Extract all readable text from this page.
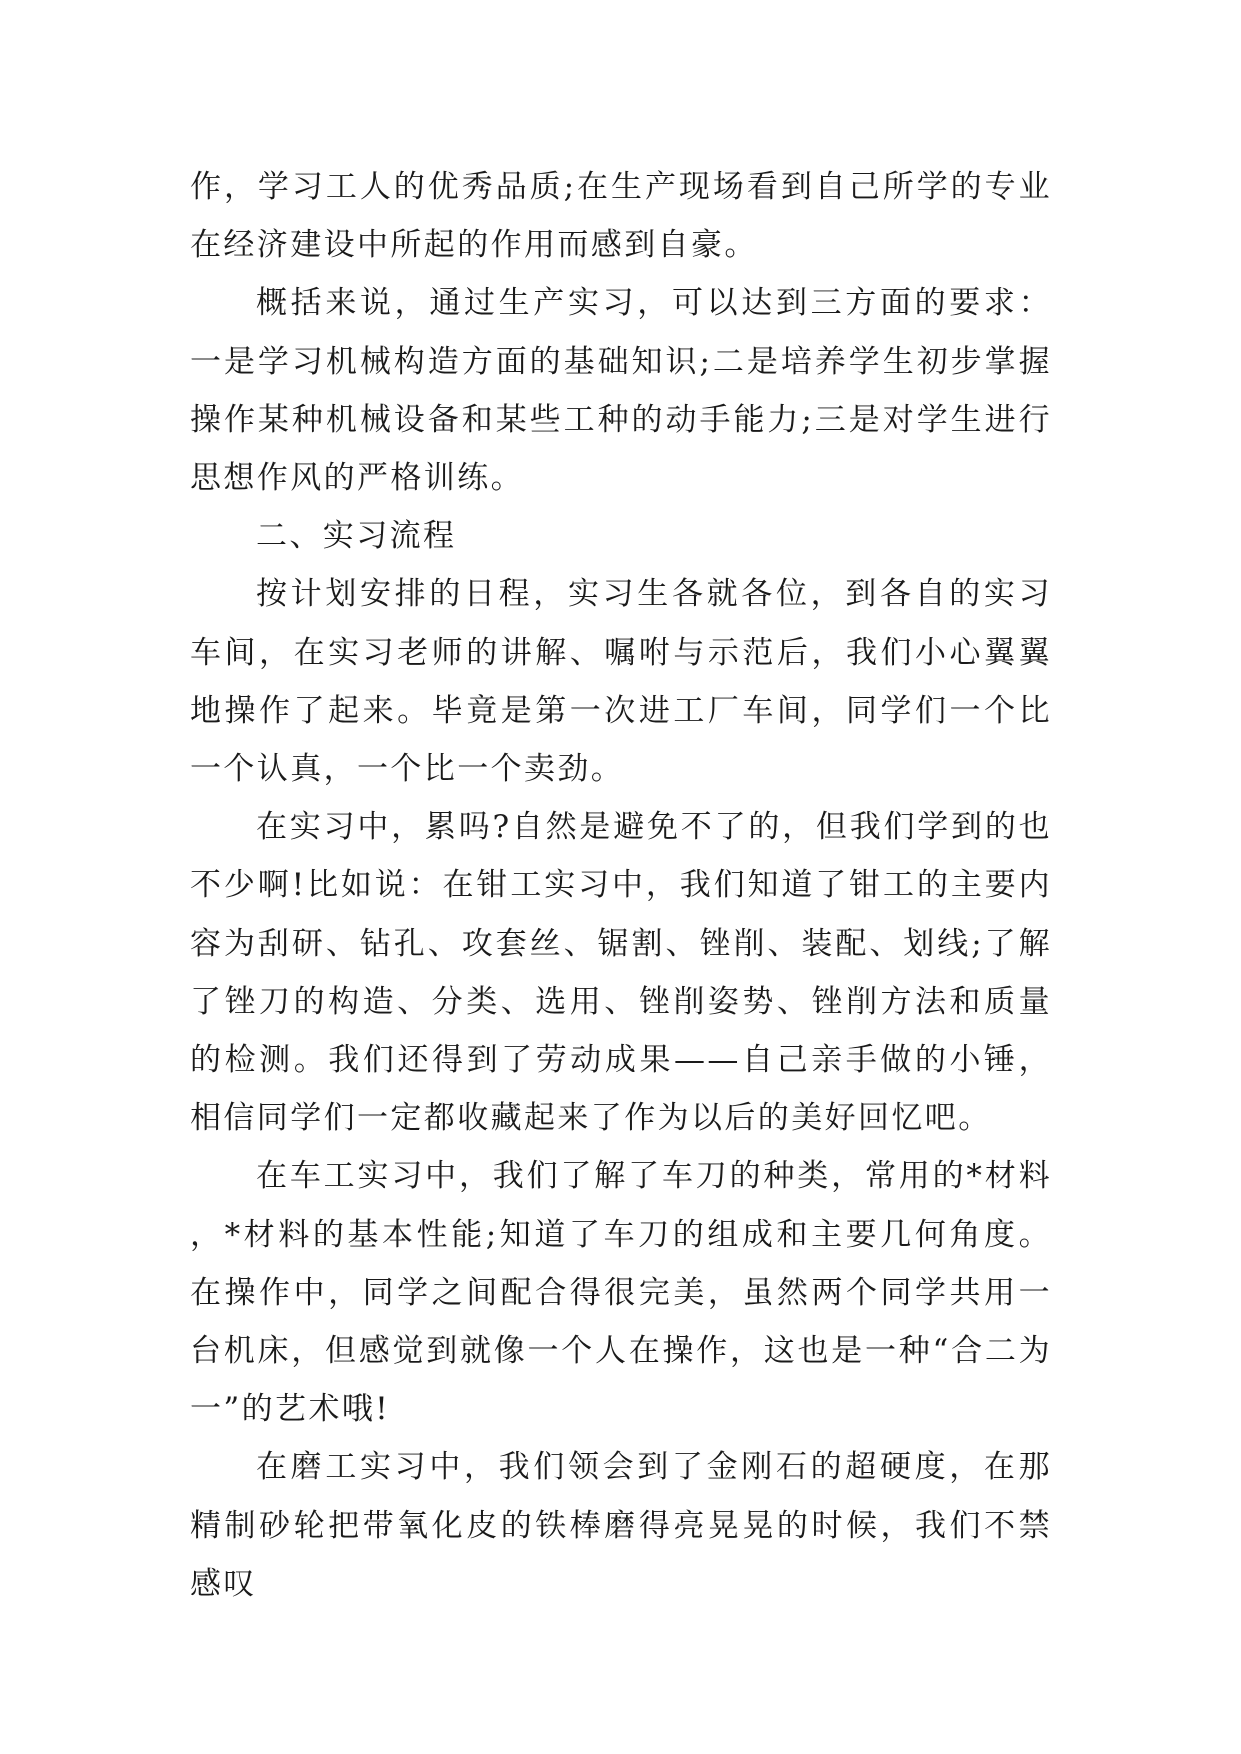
作，学习工人的优秀品质;在生产现场看到自己所学的专业在经济建设中所起的作用而感到自豪。

概括来说，通过生产实习，可以达到三方面的要求：一是学习机械构造方面的基础知识;二是培养学生初步掌握操作某种机械设备和某些工种的动手能力;三是对学生进行思想作风的严格训练。

二、实习流程

按计划安排的日程，实习生各就各位，到各自的实习车间，在实习老师的讲解、嘱咐与示范后，我们小心翼翼地操作了起来。毕竟是第一次进工厂车间，同学们一个比一个认真，一个比一个卖劲。

在实习中，累吗?自然是避免不了的，但我们学到的也不少啊!比如说：在钳工实习中，我们知道了钳工的主要内容为刮研、钻孔、攻套丝、锯割、锉削、装配、划线;了解了锉刀的构造、分类、选用、锉削姿势、锉削方法和质量的检测。我们还得到了劳动成果——自己亲手做的小锤，相信同学们一定都收藏起来了作为以后的美好回忆吧。

在车工实习中，我们了解了车刀的种类，常用的*材料，*材料的基本性能;知道了车刀的组成和主要几何角度。在操作中，同学之间配合得很完美，虽然两个同学共用一台机床，但感觉到就像一个人在操作，这也是一种“合二为一”的艺术哦!

在磨工实习中，我们领会到了金刚石的超硬度，在那精制砂轮把带氧化皮的铁棒磨得亮晃晃的时候，我们不禁感叹
